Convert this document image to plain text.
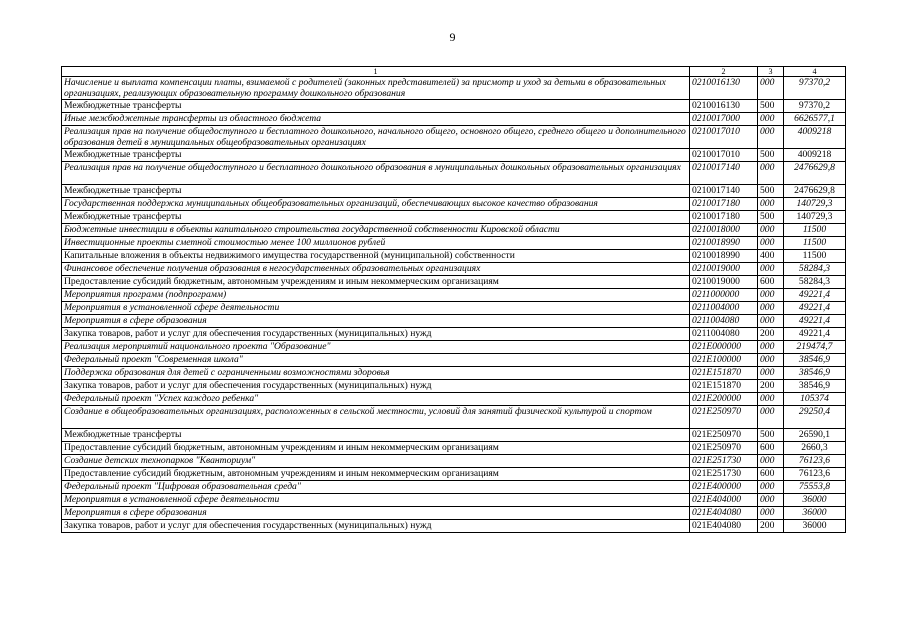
9
1	2	3	4
Начисление и выплата компенсации платы, взимаемой с родителей (законных представителей) за присмотр и уход за детьми в образовательных организациях, реализующих образовательную программу дошкольного образования	0210016130	000	97370,2
Межбюджетные трансферты	0210016130	500	97370,2
Иные межбюджетные трансферты из областного бюджета	0210017000	000	6626577,1
Реализация прав на получение общедоступного и бесплатного дошкольного, начального общего, основного общего, среднего общего и дополнительного образования детей в муниципальных общеобразовательных организациях	0210017010	000	4009218
Межбюджетные трансферты	0210017010	500	4009218
Реализация прав на получение общедоступного и бесплатного дошкольного образования в муниципальных дошкольных образовательных организациях	0210017140	000	2476629,8
Межбюджетные трансферты	0210017140	500	2476629,8
Государственная поддержка муниципальных общеобразовательных организаций, обеспечивающих высокое качество образования	0210017180	000	140729,3
Межбюджетные трансферты	0210017180	500	140729,3
Бюджетные инвестиции в объекты капитального строительства государственной собственности Кировской области	0210018000	000	11500
Инвестиционные проекты сметной стоимостью менее 100 миллионов рублей	0210018990	000	11500
Капитальные вложения в объекты недвижимого имущества государственной (муниципальной) собственности	0210018990	400	11500
Финансовое обеспечение получения образования в негосударственных образовательных организациях	0210019000	000	58284,3
Предоставление субсидий бюджетным, автономным учреждениям и иным некоммерческим организациям	0210019000	600	58284,3
Мероприятия программ (подпрограмм)	0211000000	000	49221,4
Мероприятия в установленной сфере деятельности	0211004000	000	49221,4
Мероприятия в сфере образования	0211004080	000	49221,4
Закупка товаров, работ и услуг для обеспечения государственных (муниципальных) нужд	0211004080	200	49221,4
Реализация мероприятий национального проекта "Образование"	021E000000	000	219474,7
Федеральный проект "Современная школа"	021E100000	000	38546,9
Поддержка образования для детей с ограниченными возможностями здоровья	021E151870	000	38546,9
Закупка товаров, работ и услуг для обеспечения государственных (муниципальных) нужд	021E151870	200	38546,9
Федеральный проект "Успех каждого ребенка"	021E200000	000	105374
Создание в общеобразовательных организациях, расположенных в сельской местности, условий для занятий физической культурой и спортом	021E250970	000	29250,4
Межбюджетные трансферты	021E250970	500	26590,1
Предоставление субсидий бюджетным, автономным учреждениям и иным некоммерческим организациям	021E250970	600	2660,3
Создание детских технопарков "Кванториум"	021E251730	000	76123,6
Предоставление субсидий бюджетным, автономным учреждениям и иным некоммерческим организациям	021E251730	600	76123,6
Федеральный проект "Цифровая образовательная среда"	021E400000	000	75553,8
Мероприятия в установленной сфере деятельности	021E404000	000	36000
Мероприятия в сфере образования	021E404080	000	36000
Закупка товаров, работ и услуг для обеспечения государственных (муниципальных) нужд	021E404080	200	36000
